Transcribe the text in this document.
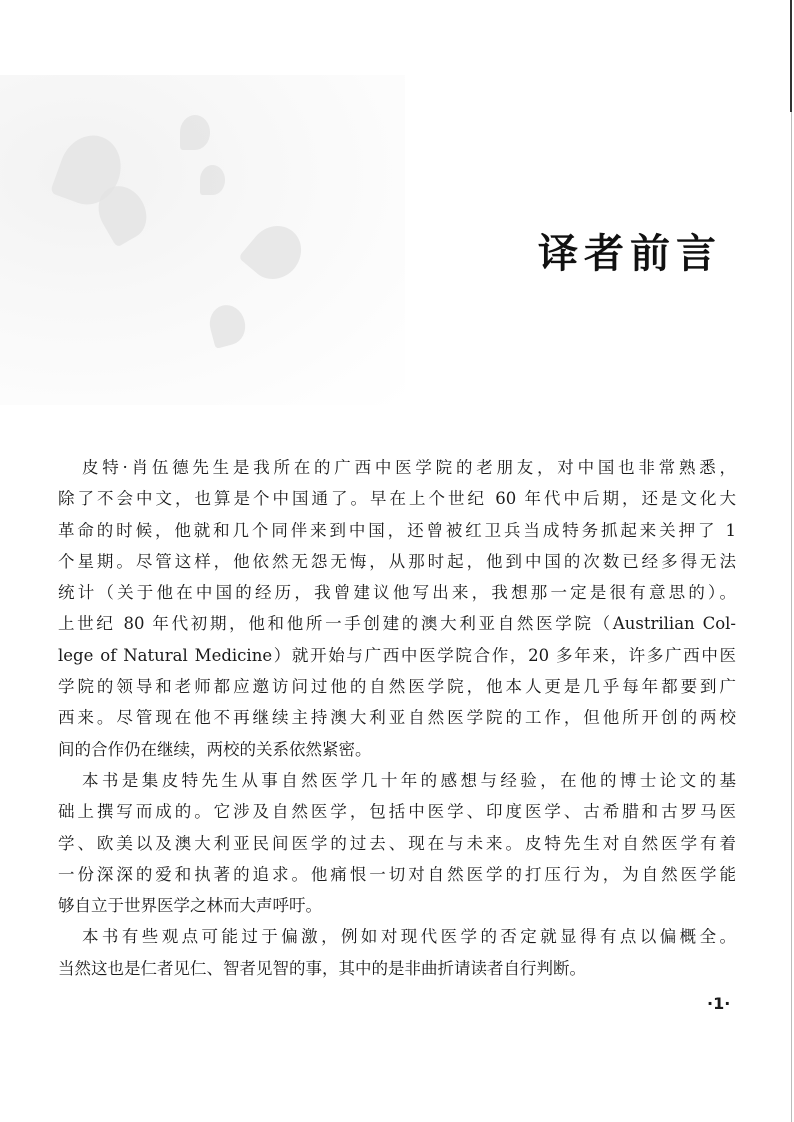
译者前言
皮特·肖伍德先生是我所在的广西中医学院的老朋友，对中国也非常熟悉，
除了不会中文，也算是个中国通了。早在上个世纪 60 年代中后期，还是文化大
革命的时候，他就和几个同伴来到中国，还曾被红卫兵当成特务抓起来关押了 1
个星期。尽管这样，他依然无怨无悔，从那时起，他到中国的次数已经多得无法
统计（关于他在中国的经历，我曾建议他写出来，我想那一定是很有意思的）。
上世纪 80 年代初期，他和他所一手创建的澳大利亚自然医学院（Austrilian Col-
lege of Natural Medicine）就开始与广西中医学院合作，20 多年来，许多广西中医
学院的领导和老师都应邀访问过他的自然医学院，他本人更是几乎每年都要到广
西来。尽管现在他不再继续主持澳大利亚自然医学院的工作，但他所开创的两校
间的合作仍在继续，两校的关系依然紧密。
本书是集皮特先生从事自然医学几十年的感想与经验，在他的博士论文的基
础上撰写而成的。它涉及自然医学，包括中医学、印度医学、古希腊和古罗马医
学、欧美以及澳大利亚民间医学的过去、现在与未来。皮特先生对自然医学有着
一份深深的爱和执著的追求。他痛恨一切对自然医学的打压行为，为自然医学能
够自立于世界医学之林而大声呼吁。
本书有些观点可能过于偏激，例如对现代医学的否定就显得有点以偏概全。
当然这也是仁者见仁、智者见智的事，其中的是非曲折请读者自行判断。
·1·
